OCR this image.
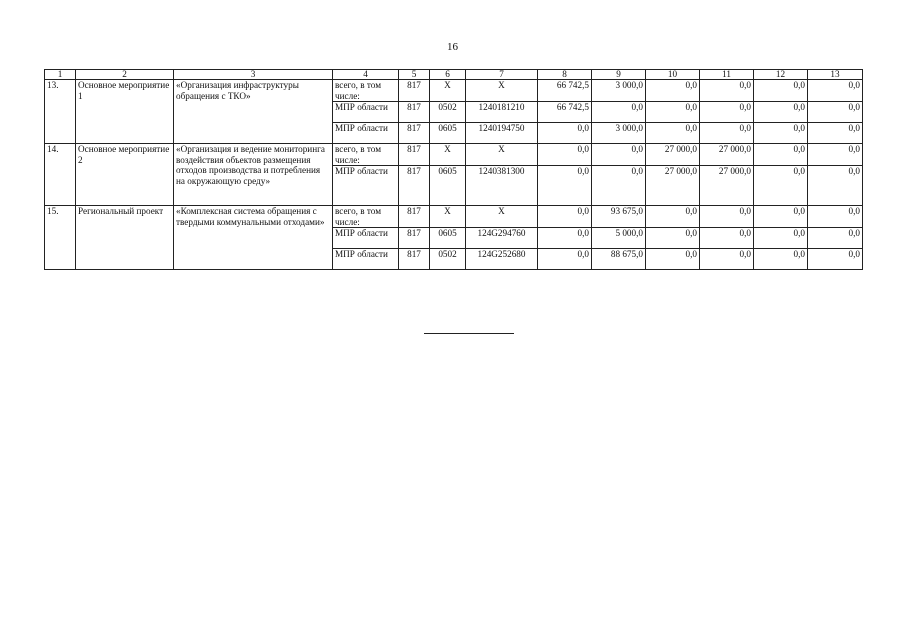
16
1	2	3	4	5	6	7	8	9	10	11	12	13
13.	Основное мероприятие 1	«Организация инфраструктуры обращения с ТКО»	всего, в том числе:	817	Х	Х	66 742,5	3 000,0	0,0	0,0	0,0	0,0
			МПР области	817	0502	1240181210	66 742,5	0,0	0,0	0,0	0,0	0,0
			МПР области	817	0605	1240194750	0,0	3 000,0	0,0	0,0	0,0	0,0
14.	Основное мероприятие 2	«Организация и ведение мониторинга воздействия объектов размещения отходов производства и потребления на окружающую среду»	всего, в том числе:	817	Х	Х	0,0	0,0	27 000,0	27 000,0	0,0	0,0
			МПР области	817	0605	1240381300	0,0	0,0	27 000,0	27 000,0	0,0	0,0
15.	Региональный проект	«Комплексная система обращения с твердыми коммунальными отходами»	всего, в том числе:	817	Х	Х	0,0	93 675,0	0,0	0,0	0,0	0,0
			МПР области	817	0605	124G294760	0,0	5 000,0	0,0	0,0	0,0	0,0
			МПР области	817	0502	124G252680	0,0	88 675,0	0,0	0,0	0,0	0,0
